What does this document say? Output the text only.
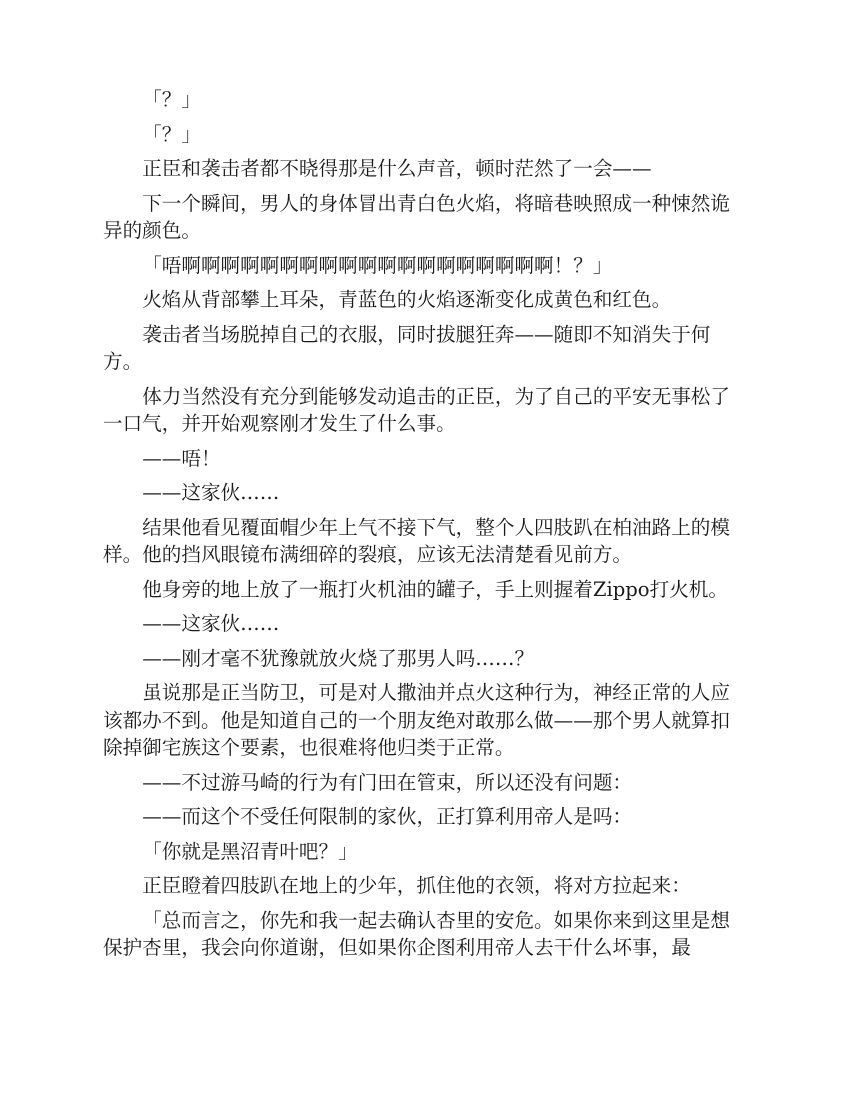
「？」

「？」

正臣和袭击者都不晓得那是什么声音，顿时茫然了一会——

下一个瞬间，男人的身体冒出青白色火焰，将暗巷映照成一种悚然诡异的颜色。

「唔啊啊啊啊啊啊啊啊啊啊啊啊啊啊啊啊啊啊啊！？」

火焰从背部攀上耳朵，青蓝色的火焰逐渐变化成黄色和红色。

袭击者当场脱掉自己的衣服，同时拔腿狂奔——随即不知消失于何方。

体力当然没有充分到能够发动追击的正臣，为了自己的平安无事松了一口气，并开始观察刚才发生了什么事。

——唔！

——这家伙……

结果他看见覆面帽少年上气不接下气，整个人四肢趴在柏油路上的模样。他的挡风眼镜布满细碎的裂痕，应该无法清楚看见前方。

他身旁的地上放了一瓶打火机油的罐子，手上则握着Zippo打火机。

——这家伙……

——刚才毫不犹豫就放火烧了那男人吗……？

虽说那是正当防卫，可是对人撒油并点火这种行为，神经正常的人应该都办不到。他是知道自己的一个朋友绝对敢那么做——那个男人就算扣除掉御宅族这个要素，也很难将他归类于正常。

——不过游马崎的行为有门田在管束，所以还没有问题：

——而这个不受任何限制的家伙，正打算利用帝人是吗：

「你就是黑沼青叶吧？」

正臣瞪着四肢趴在地上的少年，抓住他的衣领，将对方拉起来：

「总而言之，你先和我一起去确认杏里的安危。如果你来到这里是想保护杏里，我会向你道谢，但如果你企图利用帝人去干什么坏事，最
